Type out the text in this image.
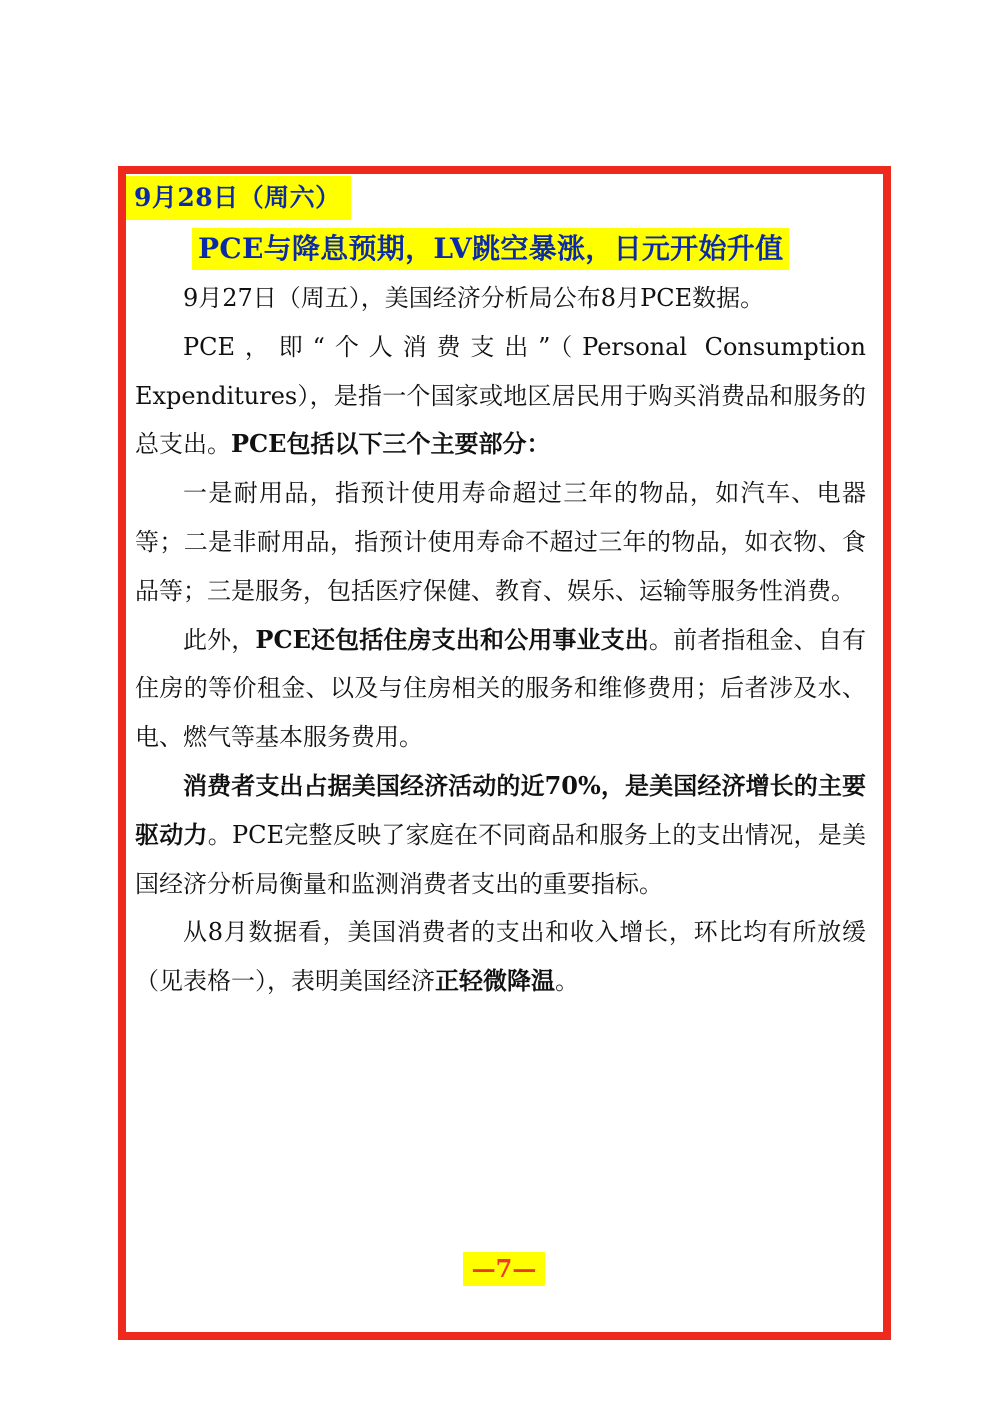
9月28日（周六）
PCE与降息预期，LV跳空暴涨，日元开始升值

9月27日（周五），美国经济分析局公布8月PCE数据。

PCE，即“个人消费支出”（Personal Consumption Expenditures），是指一个国家或地区居民用于购买消费品和服务的总支出。PCE包括以下三个主要部分：

一是耐用品，指预计使用寿命超过三年的物品，如汽车、电器等；二是非耐用品，指预计使用寿命不超过三年的物品，如衣物、食品等；三是服务，包括医疗保健、教育、娱乐、运输等服务性消费。

此外，PCE还包括住房支出和公用事业支出。前者指租金、自有住房的等价租金、以及与住房相关的服务和维修费用；后者涉及水、电、燃气等基本服务费用。

消费者支出占据美国经济活动的近70%，是美国经济增长的主要驱动力。PCE完整反映了家庭在不同商品和服务上的支出情况，是美国经济分析局衡量和监测消费者支出的重要指标。

从8月数据看，美国消费者的支出和收入增长，环比均有所放缓（见表格一），表明美国经济正轻微降温。

—7—
